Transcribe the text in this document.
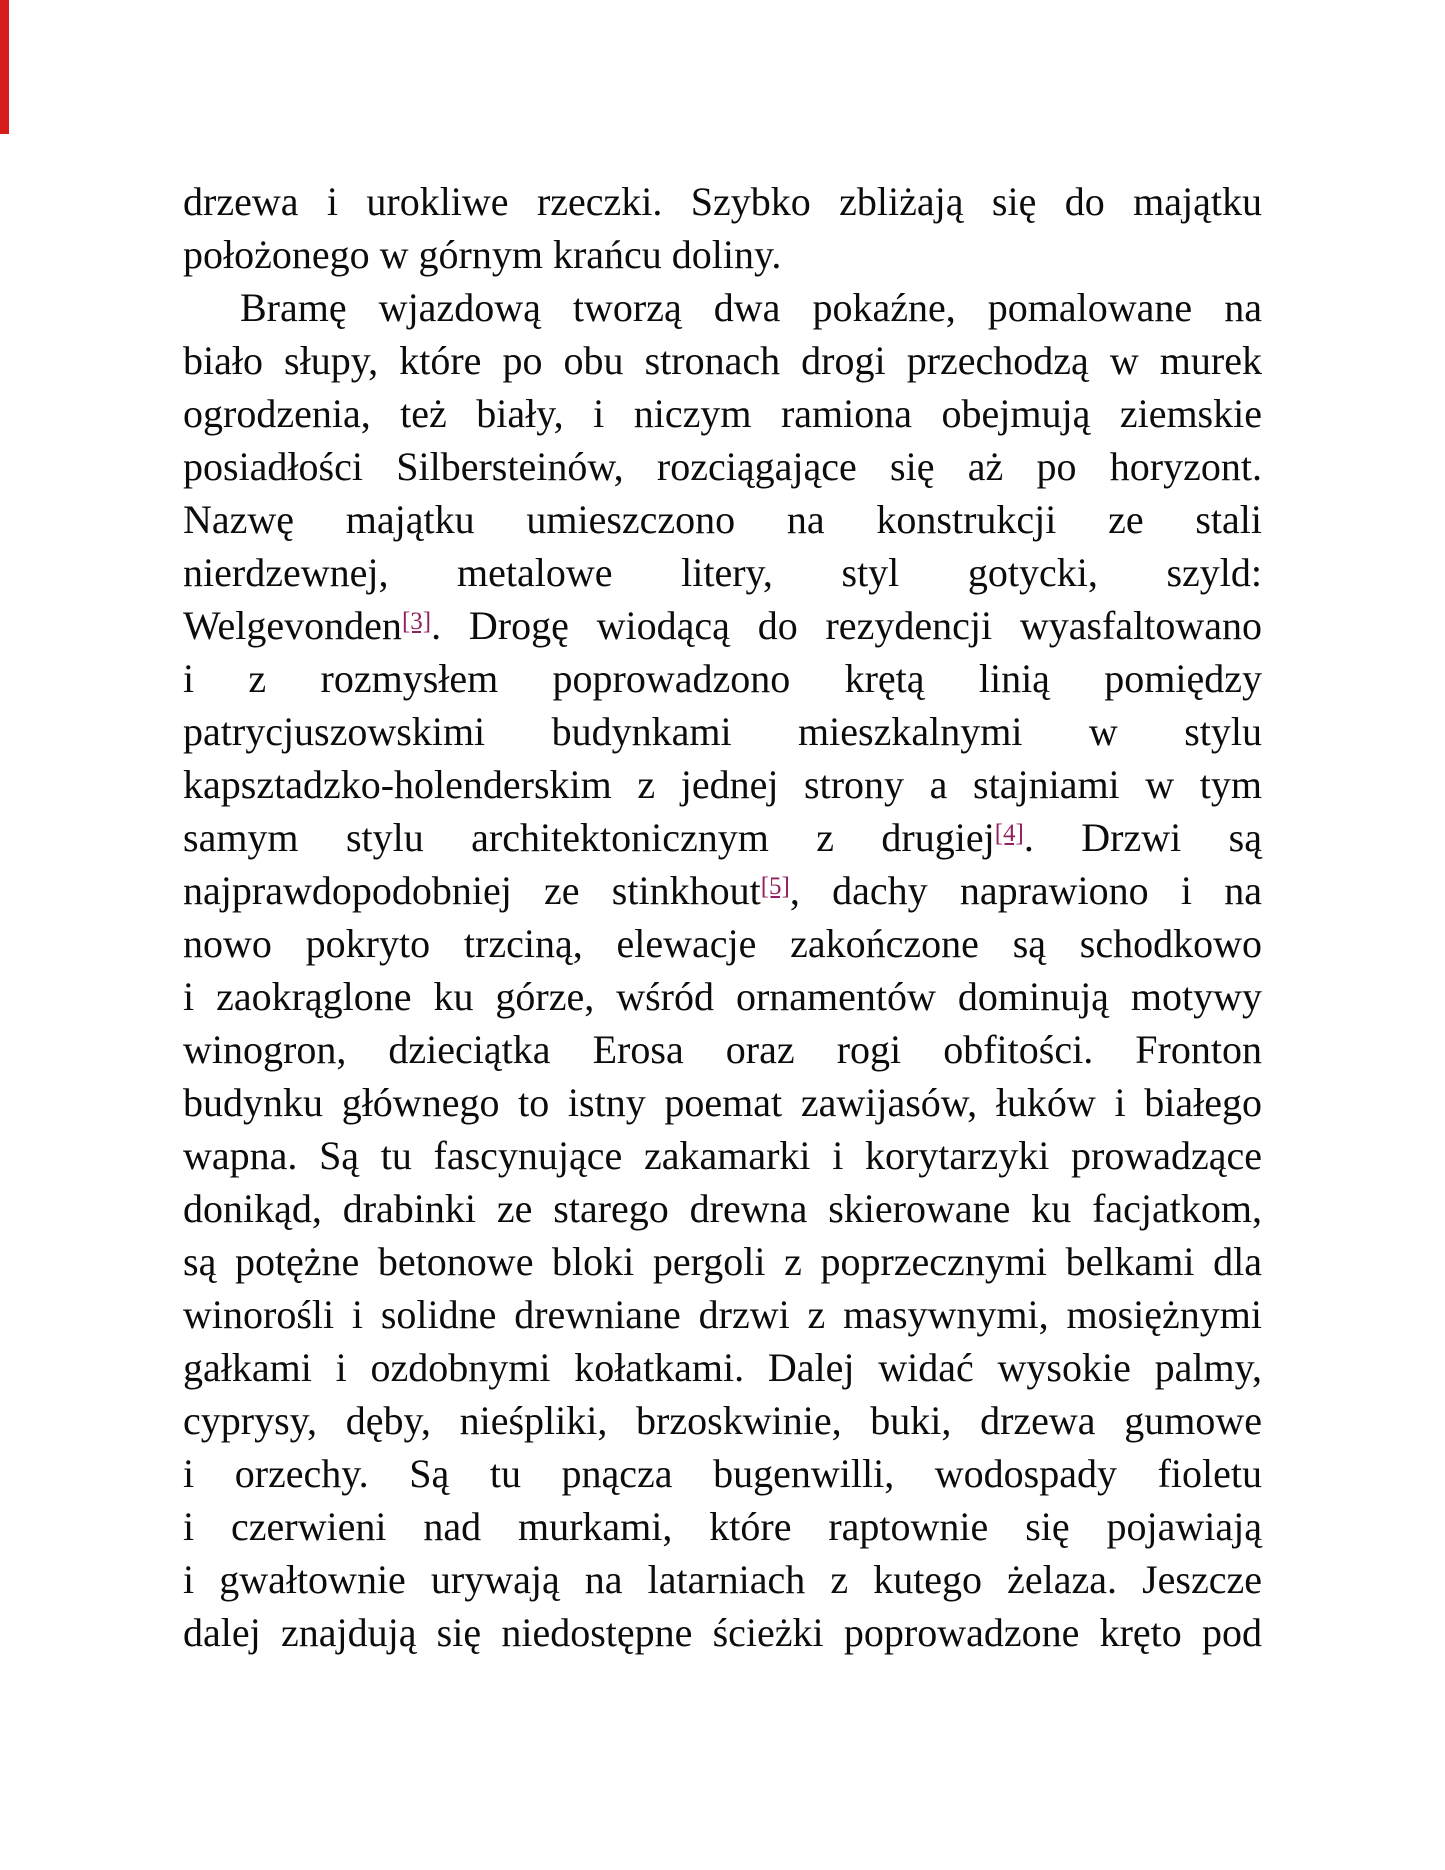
drzewa i urokliwe rzeczki. Szybko zbliżają się do majątku
położonego w górnym krańcu doliny.
Bramę wjazdową tworzą dwa pokaźne, pomalowane na
biało słupy, które po obu stronach drogi przechodzą w murek
ogrodzenia, też biały, i niczym ramiona obejmują ziemskie
posiadłości Silbersteinów, rozciągające się aż po horyzont.
Nazwę majątku umieszczono na konstrukcji ze stali
nierdzewnej, metalowe litery, styl gotycki, szyld:
Welgevonden[3]. Drogę wiodącą do rezydencji wyasfaltowano
i z rozmysłem poprowadzono krętą linią pomiędzy
patrycjuszowskimi budynkami mieszkalnymi w stylu
kapsztadzko-holenderskim z jednej strony a stajniami w tym
samym stylu architektonicznym z drugiej[4]. Drzwi są
najprawdopodobniej ze stinkhout[5], dachy naprawiono i na
nowo pokryto trzciną, elewacje zakończone są schodkowo
i zaokrąglone ku górze, wśród ornamentów dominują motywy
winogron, dzieciątka Erosa oraz rogi obfitości. Fronton
budynku głównego to istny poemat zawijasów, łuków i białego
wapna. Są tu fascynujące zakamarki i korytarzyki prowadzące
donikąd, drabinki ze starego drewna skierowane ku facjatkom,
są potężne betonowe bloki pergoli z poprzecznymi belkami dla
winorośli i solidne drewniane drzwi z masywnymi, mosiężnymi
gałkami i ozdobnymi kołatkami. Dalej widać wysokie palmy,
cyprysy, dęby, nieśpliki, brzoskwinie, buki, drzewa gumowe
i orzechy. Są tu pnącza bugenwilli, wodospady fioletu
i czerwieni nad murkami, które raptownie się pojawiają
i gwałtownie urywają na latarniach z kutego żelaza. Jeszcze
dalej znajdują się niedostępne ścieżki poprowadzone kręto pod
